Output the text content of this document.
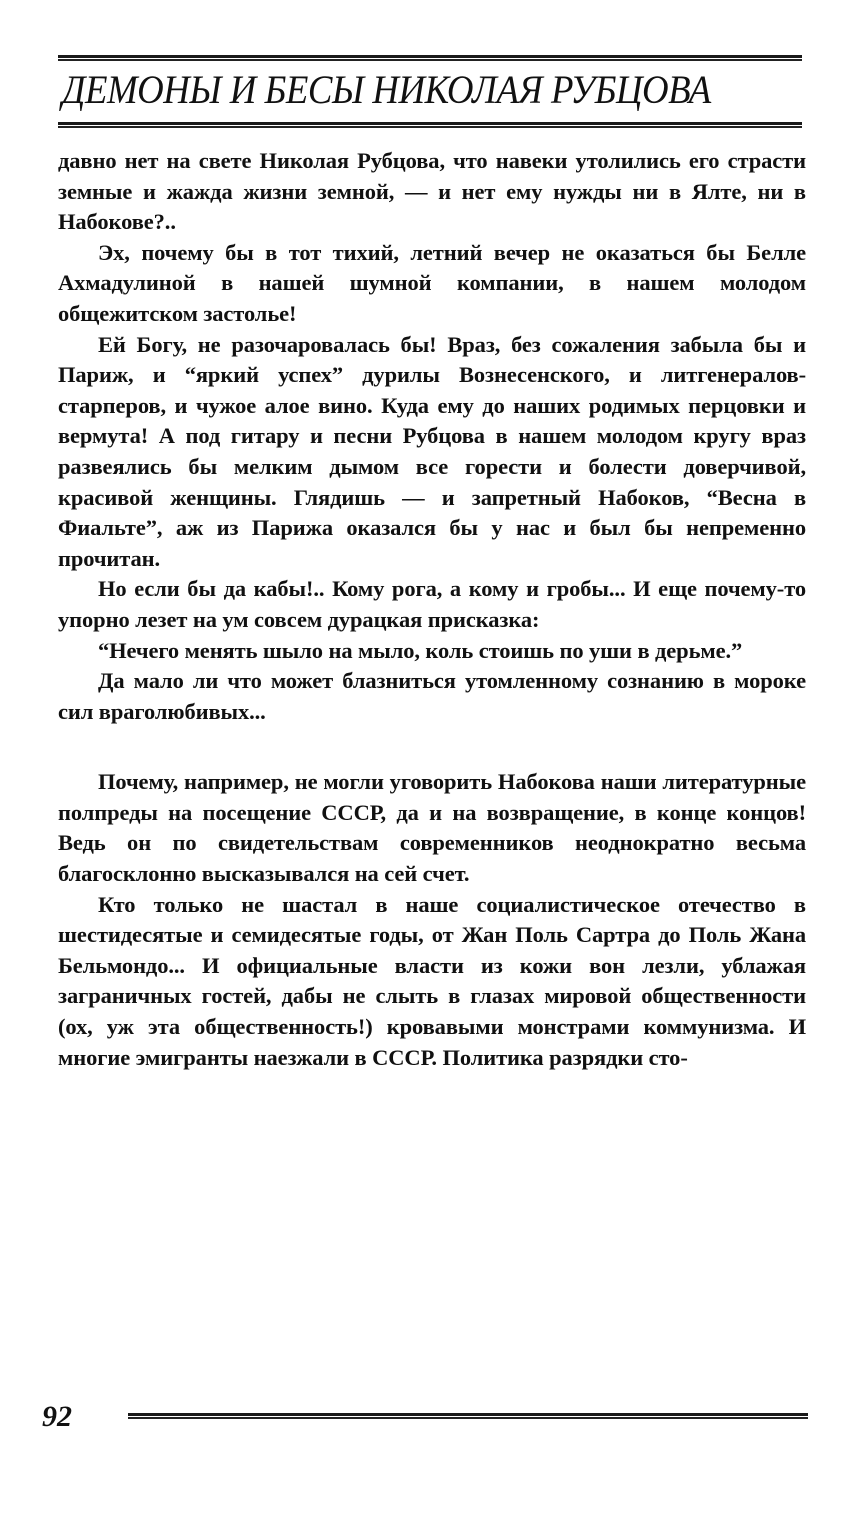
ДЕМОНЫ И БЕСЫ НИКОЛАЯ РУБЦОВА

давно нет на свете Николая Рубцова, что навеки утолились его страсти земные и жажда жизни земной, — и нет ему нужды ни в Ялте, ни в Набокове?..

Эх, почему бы в тот тихий, летний вечер не оказаться бы Белле Ахмадулиной в нашей шумной компании, в нашем молодом общежитском застолье!

Ей Богу, не разочаровалась бы! Враз, без сожаления забыла бы и Париж, и “яркий успех” дурилы Вознесенского, и литгенералов-старперов, и чужое алое вино. Куда ему до наших родимых перцовки и вермута! А под гитару и песни Рубцова в нашем молодом кругу враз развеялись бы мелким дымом все горести и болести доверчивой, красивой женщины. Глядишь — и запретный Набоков, “Весна в Фиальте”, аж из Парижа оказался бы у нас и был бы непременно прочитан.

Но если бы да кабы!.. Кому рога, а кому и гробы... И еще почему-то упорно лезет на ум совсем дурацкая присказка:

“Нечего менять шыло на мыло, коль стоишь по уши в дерьме.”

Да мало ли что может блазниться утомленному сознанию в мороке сил враголюбивых...

Почему, например, не могли уговорить Набокова наши литературные полпреды на посещение СССР, да и на возвращение, в конце концов! Ведь он по свидетельствам современников неоднократно весьма благосклонно высказывался на сей счет.

Кто только не шастал в наше социалистическое отечество в шестидесятые и семидесятые годы, от Жан Поль Сартра до Поль Жана Бельмондо... И официальные власти из кожи вон лезли, ублажая заграничных гостей, дабы не слыть в глазах мировой общественности (ох, уж эта общественность!) кровавыми монстрами коммунизма. И многие эмигранты наезжали в СССР. Политика разрядки сто-

92
